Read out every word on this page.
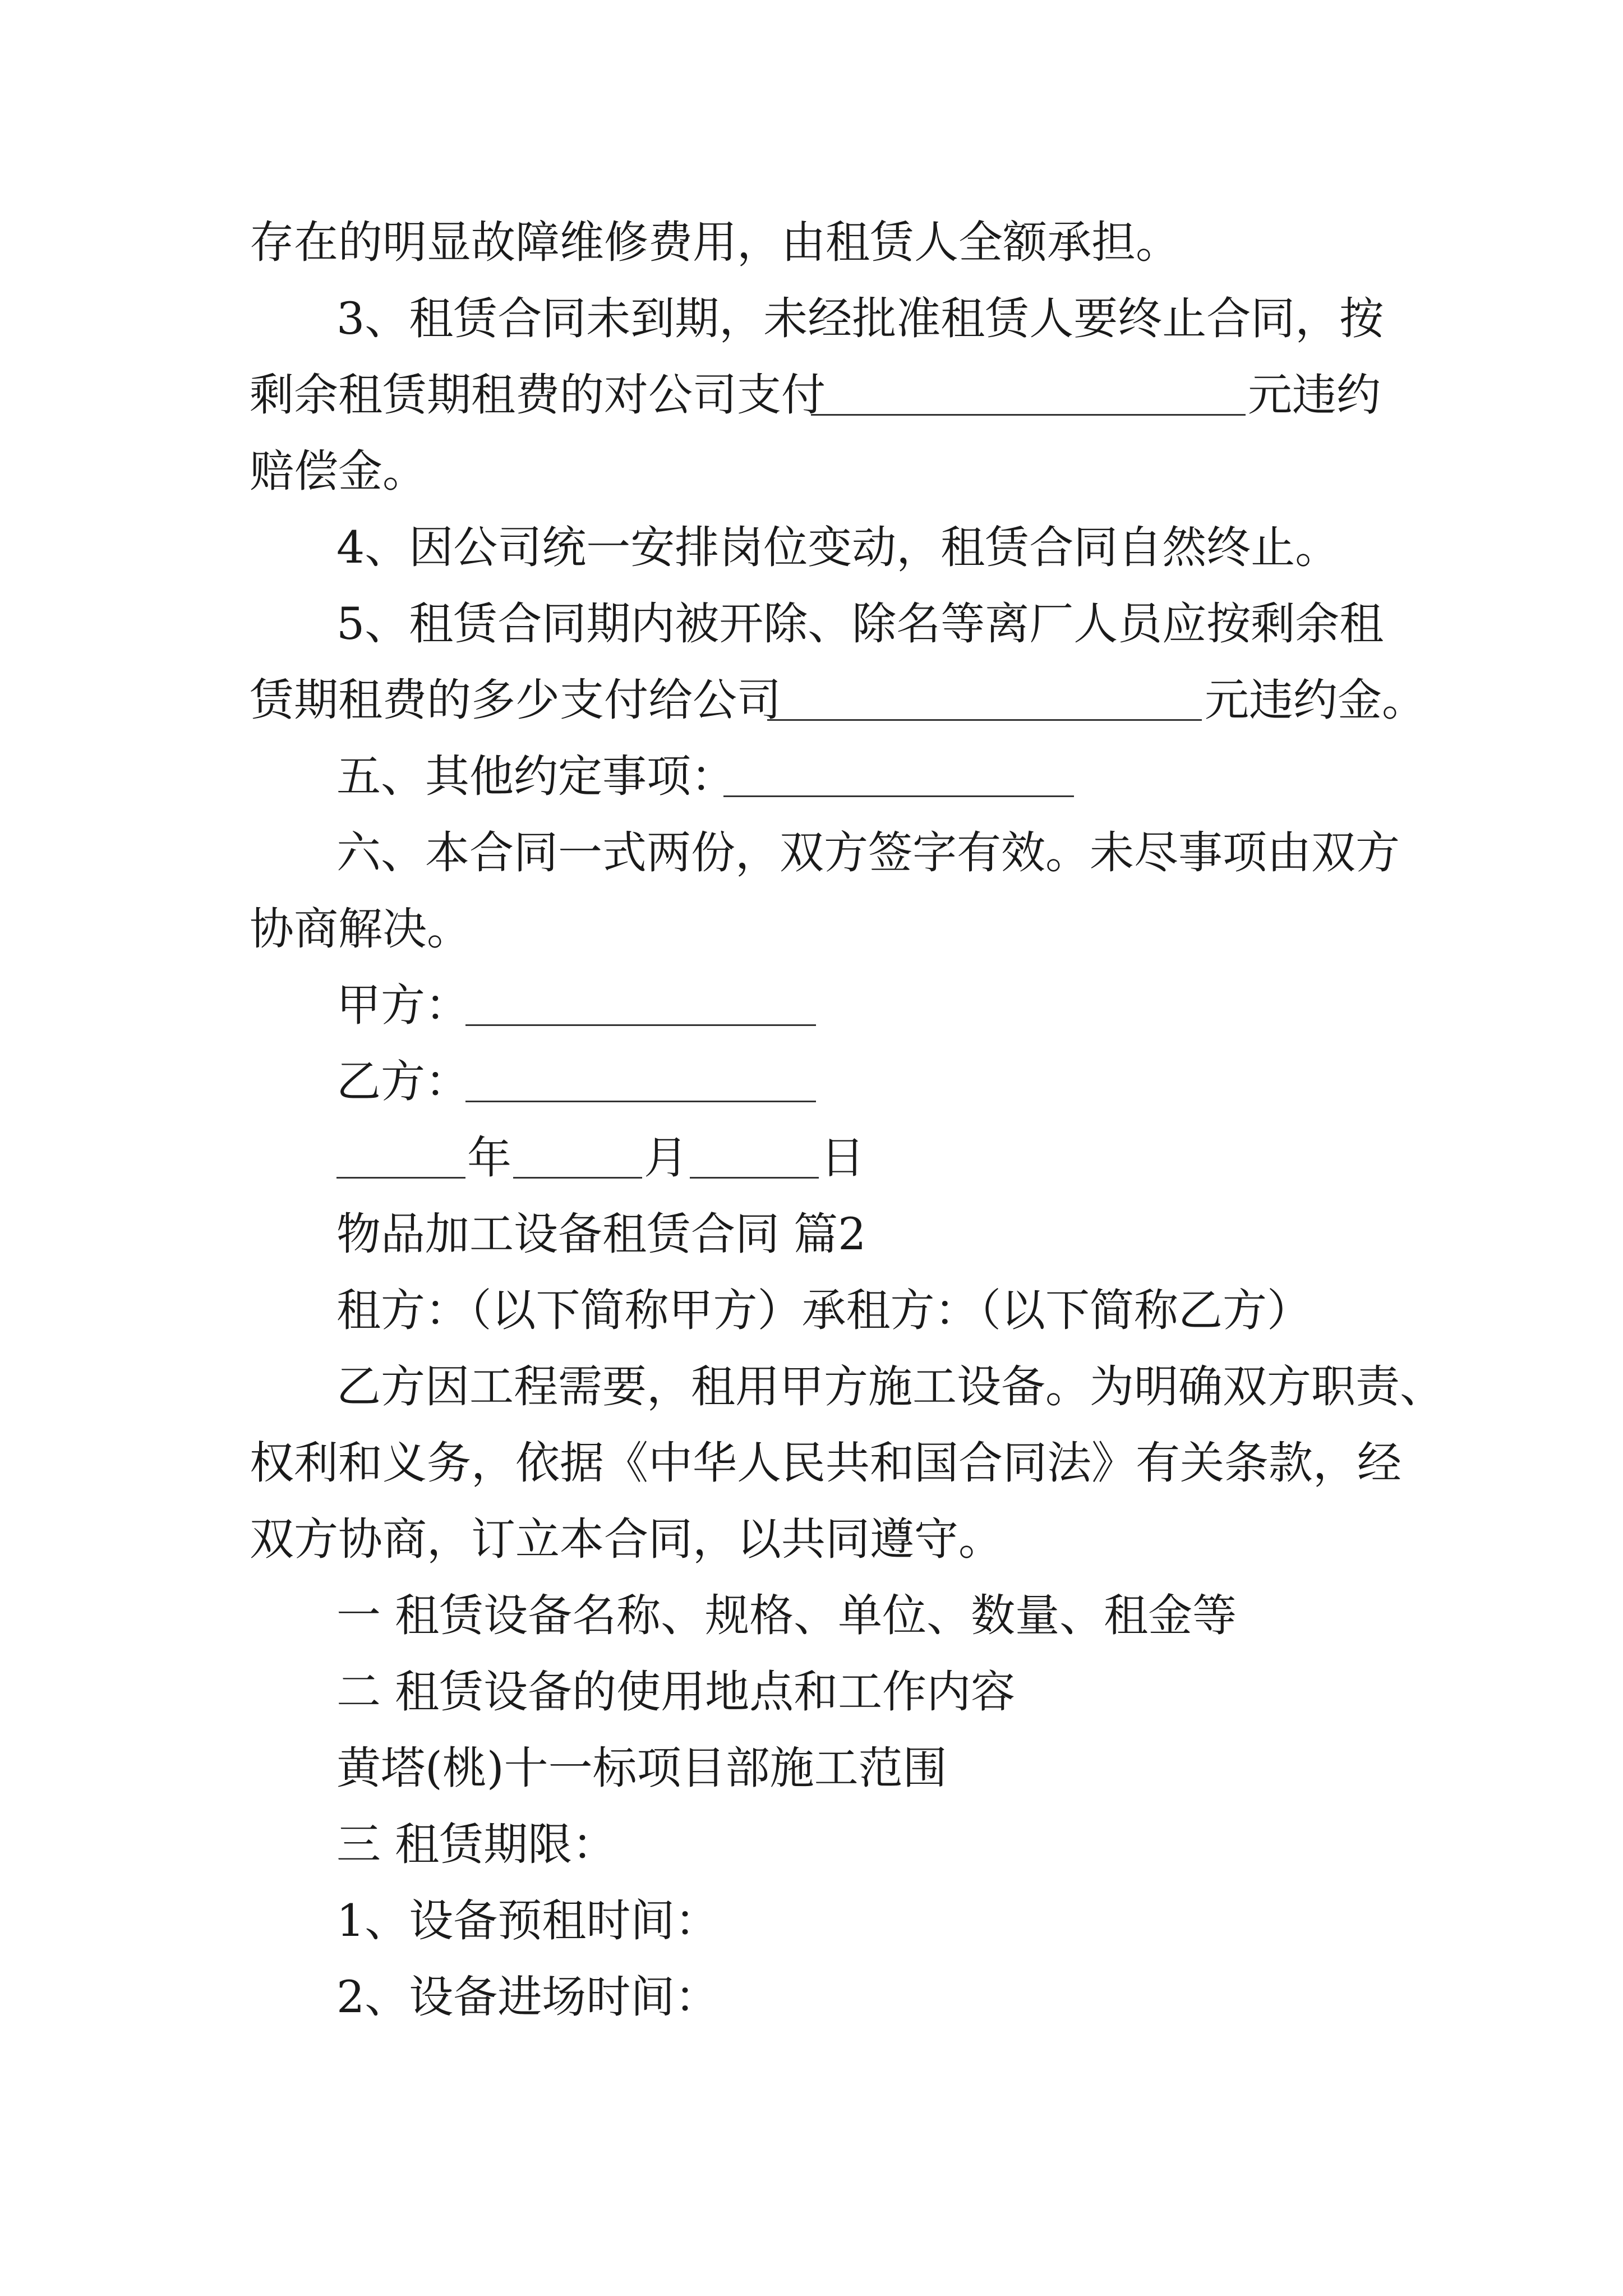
存在的明显故障维修费用，由租赁人全额承担。
3、租赁合同未到期，未经批准租赁人要终止合同，按
剩余租赁期租费的对公司支付	元违约
赔偿金。
4、因公司统一安排岗位变动，租赁合同自然终止。
5、租赁合同期内被开除、除名等离厂人员应按剩余租
赁期租费的多少支付给公司	元违约金。
五、其他约定事项：
六、本合同一式两份，双方签字有效。未尽事项由双方
协商解决。
甲方：
乙方：
年	月	日
物品加工设备租赁合同 篇2
租方：（以下简称甲方）承租方：（以下简称乙方）
乙方因工程需要，租用甲方施工设备。为明确双方职责、
权利和义务，依据《中华人民共和国合同法》有关条款，经
双方协商，订立本合同，以共同遵守。
一 租赁设备名称、规格、单位、数量、租金等
二 租赁设备的使用地点和工作内容
黄塔(桃)十一标项目部施工范围
三 租赁期限：
1、设备预租时间：
2、设备进场时间：
